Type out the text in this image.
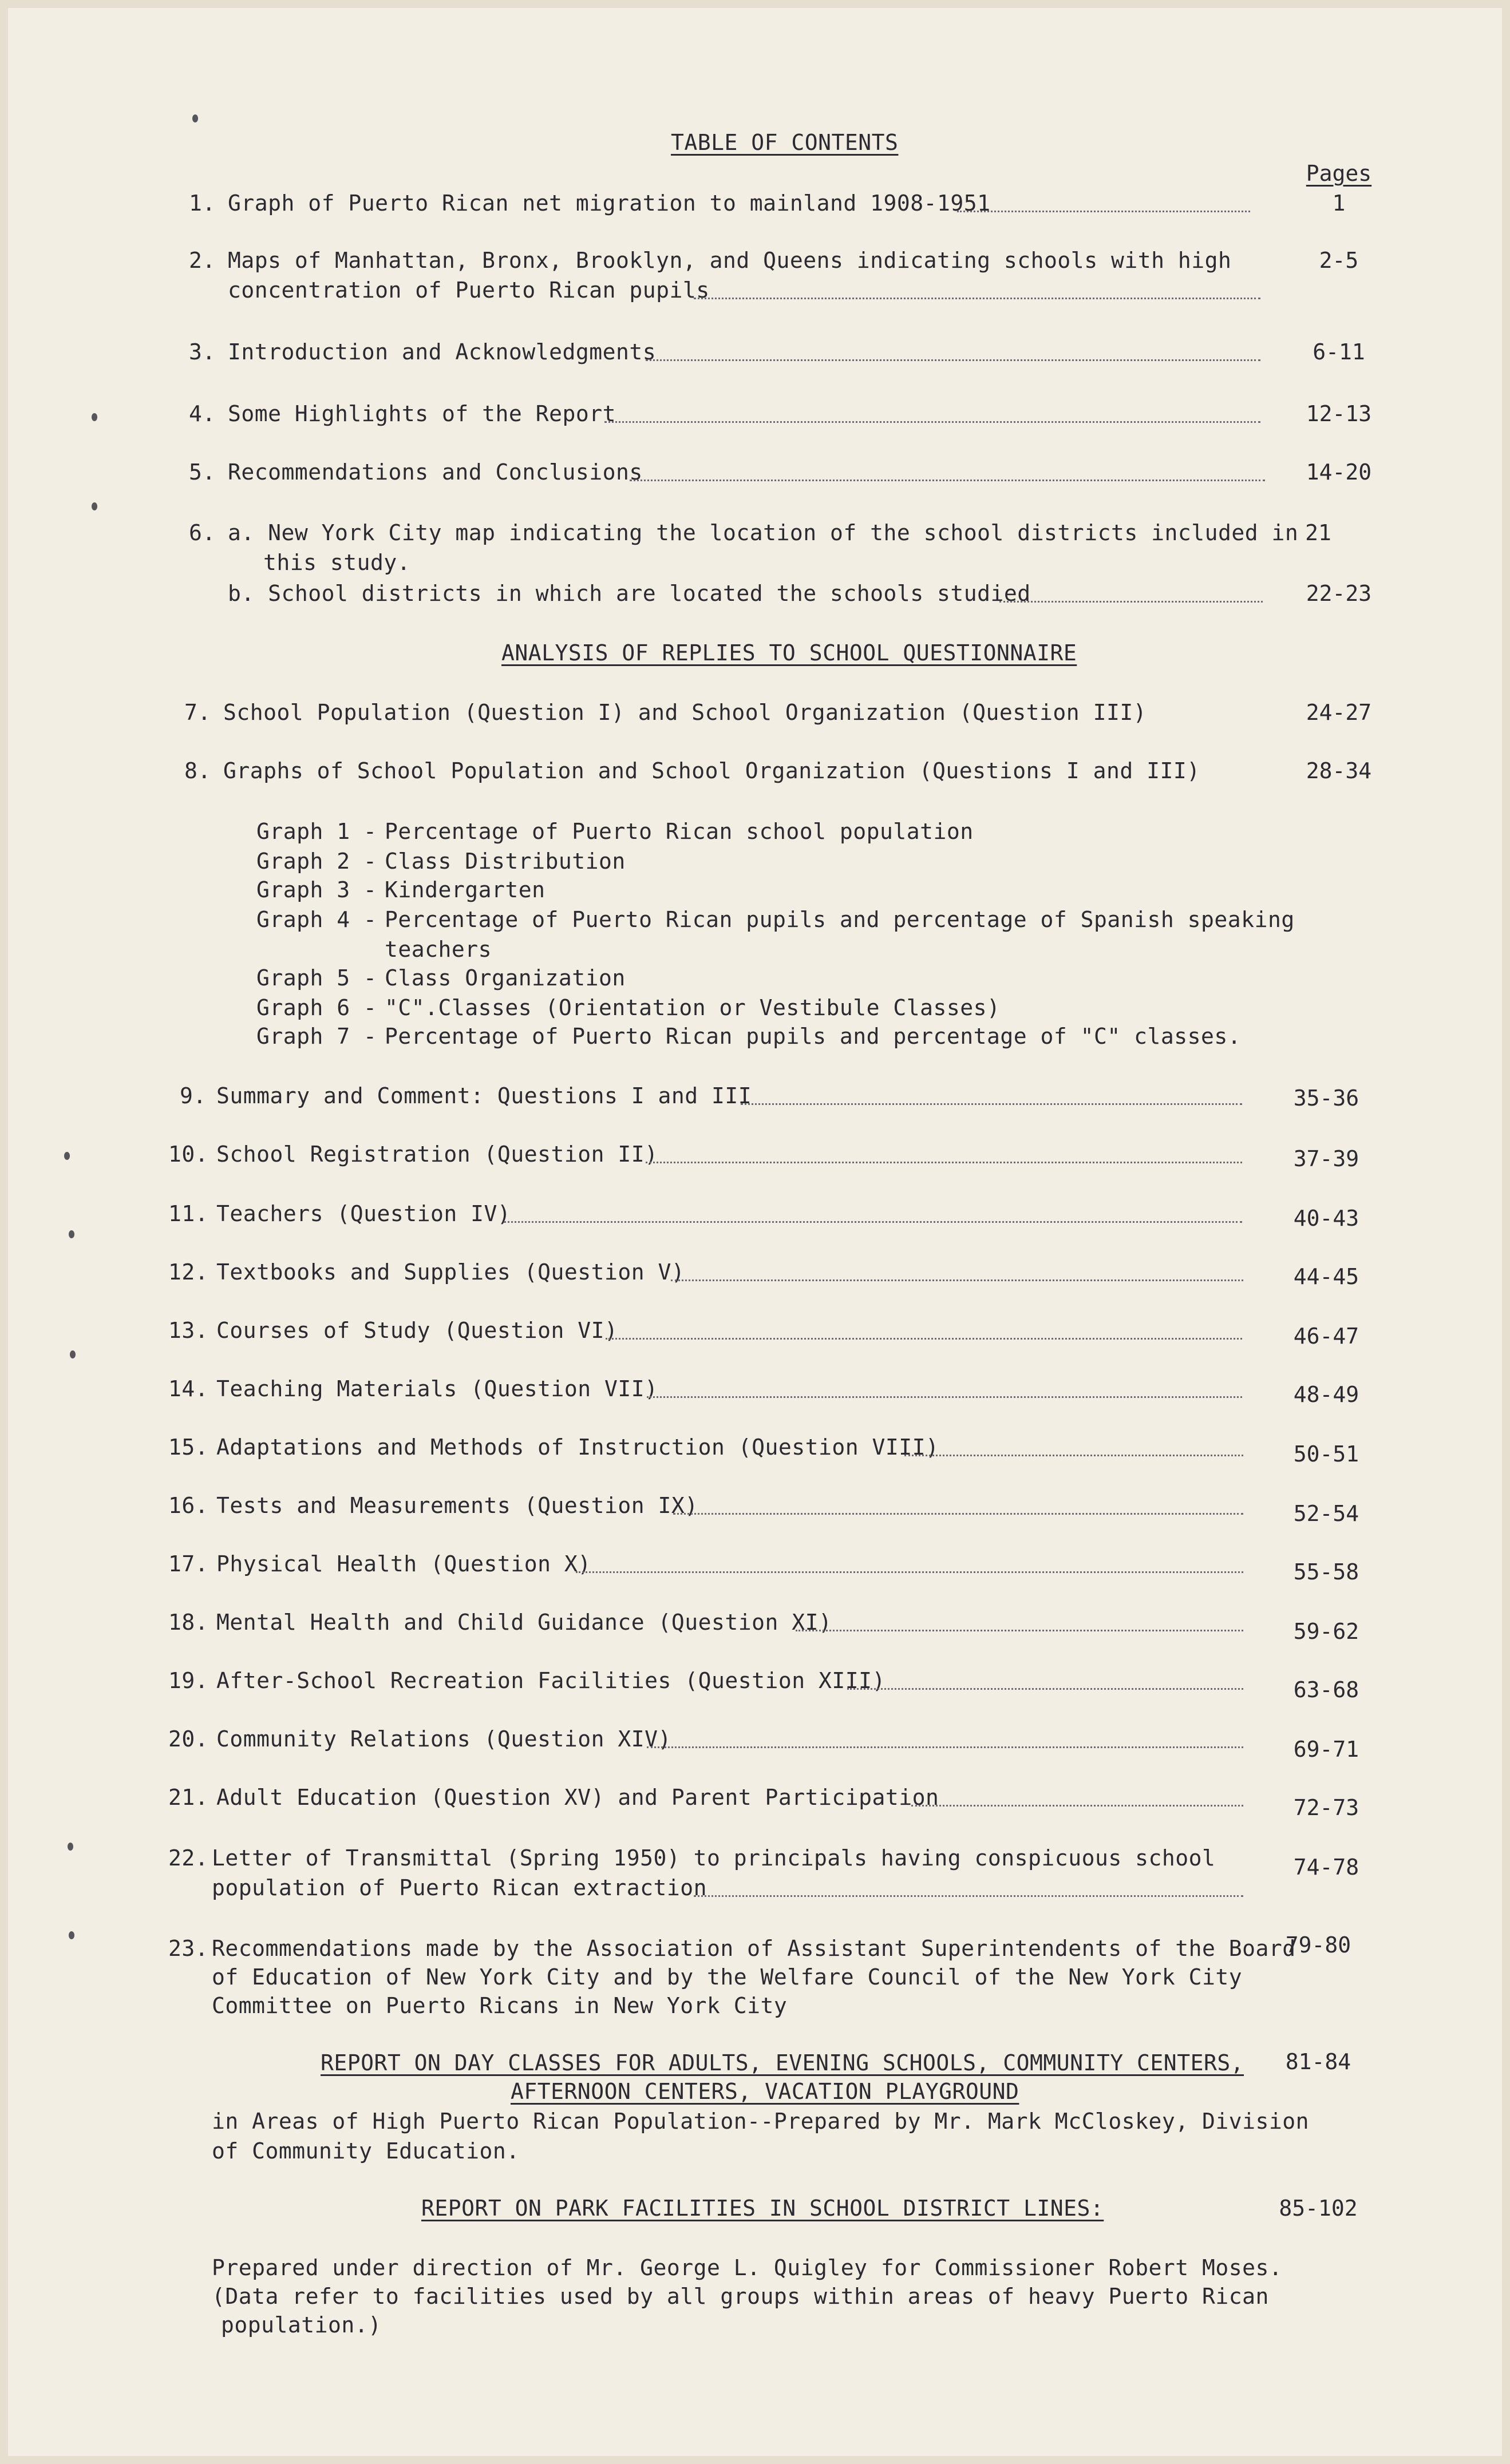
TABLE OF CONTENTS
Pages
1. Graph of Puerto Rican net migration to mainland 1908-1951	1
2. Maps of Manhattan, Bronx, Brooklyn, and Queens indicating schools with high
concentration of Puerto Rican pupils
2-5
3. Introduction and Acknowledgments	6-11
4. Some Highlights of the Report	12-13
5. Recommendations and Conclusions	14-20
6. a. New York City map indicating the location of the school districts included in
this study.
21
b. School districts in which are located the schools studied	22-23
ANALYSIS OF REPLIES TO SCHOOL QUESTIONNAIRE
7. School Population (Question I) and School Organization (Question III)	24-27
8. Graphs of School Population and School Organization (Questions I and III)	28-34
Graph 1 - Percentage of Puerto Rican school population
Graph 2 - Class Distribution
Graph 3 - Kindergarten
Graph 4 - Percentage of Puerto Rican pupils and percentage of Spanish speaking
teachers
Graph 5 - Class Organization
Graph 6 - "C".Classes (Orientation or Vestibule Classes)
Graph 7 - Percentage of Puerto Rican pupils and percentage of "C" classes.
9. Summary and Comment: Questions I and III	35-36
10. School Registration (Question II)	37-39
11. Teachers (Question IV)	40-43
12. Textbooks and Supplies (Question V)	44-45
13. Courses of Study (Question VI)	46-47
14. Teaching Materials (Question VII)	48-49
15. Adaptations and Methods of Instruction (Question VIII)	50-51
16. Tests and Measurements (Question IX)	52-54
17. Physical Health (Question X)	55-58
18. Mental Health and Child Guidance (Question XI)	59-62
19. After-School Recreation Facilities (Question XIII)	63-68
20. Community Relations (Question XIV)	69-71
21. Adult Education (Question XV) and Parent Participation	72-73
22. Letter of Transmittal (Spring 1950) to principals having conspicuous school
population of Puerto Rican extraction
74-78
23. Recommendations made by the Association of Assistant Superintendents of the Board
of Education of New York City and by the Welfare Council of the New York City
Committee on Puerto Ricans in New York City
79-80
REPORT ON DAY CLASSES FOR ADULTS, EVENING SCHOOLS, COMMUNITY CENTERS,
AFTERNOON CENTERS, VACATION PLAYGROUND
81-84
in Areas of High Puerto Rican Population--Prepared by Mr. Mark McCloskey, Division
of Community Education.
REPORT ON PARK FACILITIES IN SCHOOL DISTRICT LINES:	85-102
Prepared under direction of Mr. George L. Quigley for Commissioner Robert Moses.
(Data refer to facilities used by all groups within areas of heavy Puerto Rican
population.)
